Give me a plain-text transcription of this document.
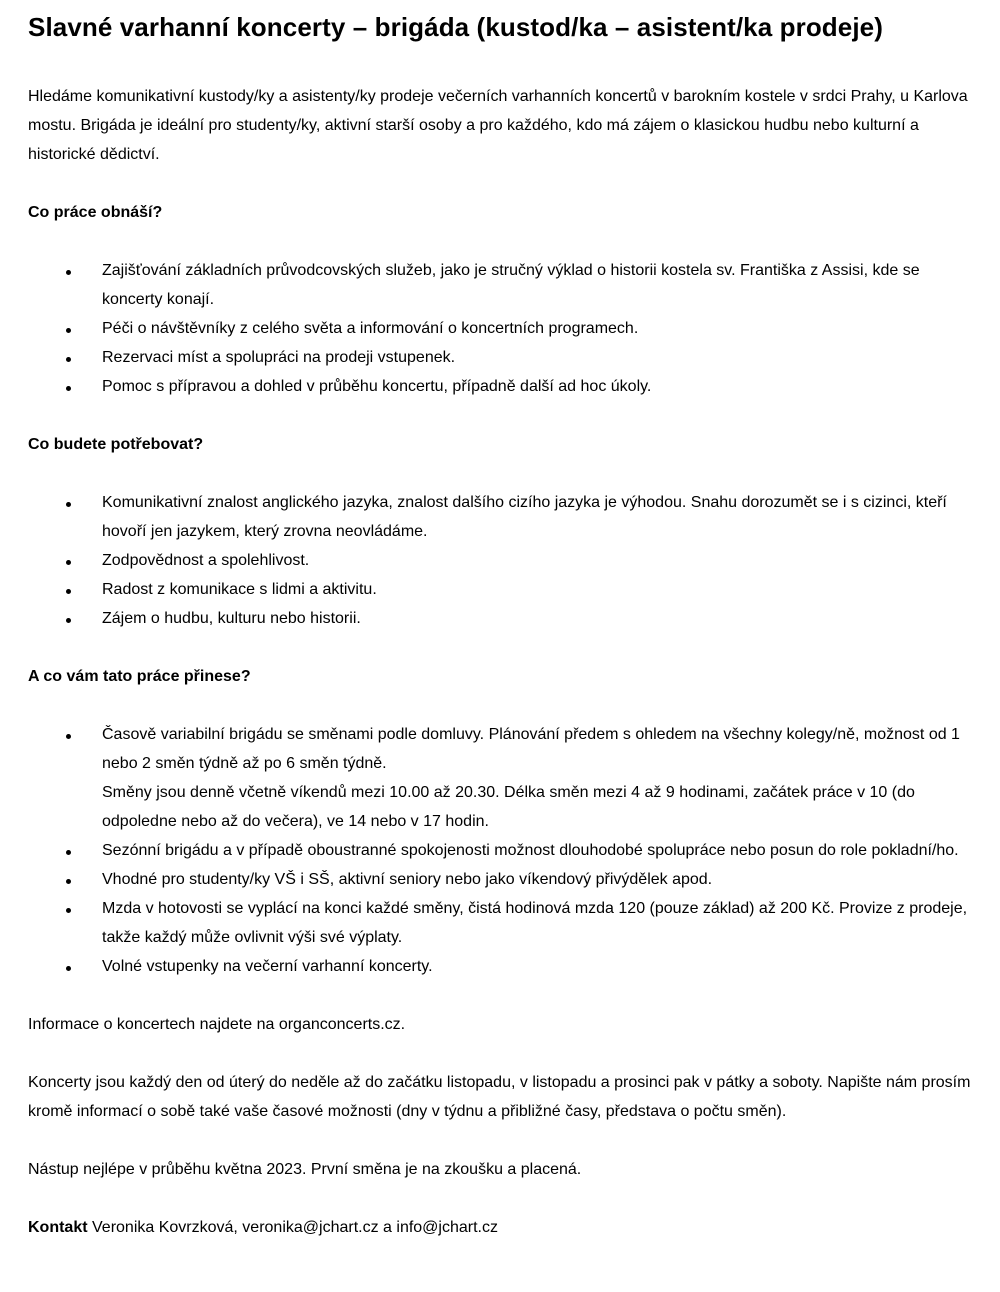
Slavné varhanní koncerty – brigáda (kustod/ka – asistent/ka prodeje)

Hledáme komunikativní kustody/ky a asistenty/ky prodeje večerních varhanních koncertů v barokním kostele v srdci Prahy, u Karlova mostu. Brigáda je ideální pro studenty/ky, aktivní starší osoby a pro každého, kdo má zájem o klasickou hudbu nebo kulturní a historické dědictví.

Co práce obnáší?
Zajišťování základních průvodcovských služeb, jako je stručný výklad o historii kostela sv. Františka z Assisi, kde se koncerty konají.
Péči o návštěvníky z celého světa a informování o koncertních programech.
Rezervaci míst a spolupráci na prodeji vstupenek.
Pomoc s přípravou a dohled v průběhu koncertu, případně další ad hoc úkoly.
Co budete potřebovat?
Komunikativní znalost anglického jazyka, znalost dalšího cizího jazyka je výhodou. Snahu dorozumět se i s cizinci, kteří hovoří jen jazykem, který zrovna neovládáme.
Zodpovědnost a spolehlivost.
Radost z komunikace s lidmi a aktivitu.
Zájem o hudbu, kulturu nebo historii.
A co vám tato práce přinese?
Časově variabilní brigádu se směnami podle domluvy. Plánování předem s ohledem na všechny kolegy/ně, možnost od 1 nebo 2 směn týdně až po 6 směn týdně.
Směny jsou denně včetně víkendů mezi 10.00 až 20.30. Délka směn mezi 4 až 9 hodinami, začátek práce v 10 (do odpoledne nebo až do večera), ve 14 nebo v 17 hodin.
Sezónní brigádu a v případě oboustranné spokojenosti možnost dlouhodobé spolupráce nebo posun do role pokladní/ho.
Vhodné pro studenty/ky VŠ i SŠ, aktivní seniory nebo jako víkendový přivýdělek apod.
Mzda v hotovosti se vyplácí na konci každé směny, čistá hodinová mzda 120 (pouze základ) až 200 Kč. Provize z prodeje, takže každý může ovlivnit výši své výplaty.
Volné vstupenky na večerní varhanní koncerty.

Informace o koncertech najdete na organconcerts.cz.

Koncerty jsou každý den od úterý do neděle až do začátku listopadu, v listopadu a prosinci pak v pátky a soboty. Napište nám prosím kromě informací o sobě také vaše časové možnosti (dny v týdnu a přibližné časy, představa o počtu směn).

Nástup nejlépe v průběhu května 2023. První směna je na zkoušku a placená.

Kontakt Veronika Kovrzková, veronika@jchart.cz a info@jchart.cz
